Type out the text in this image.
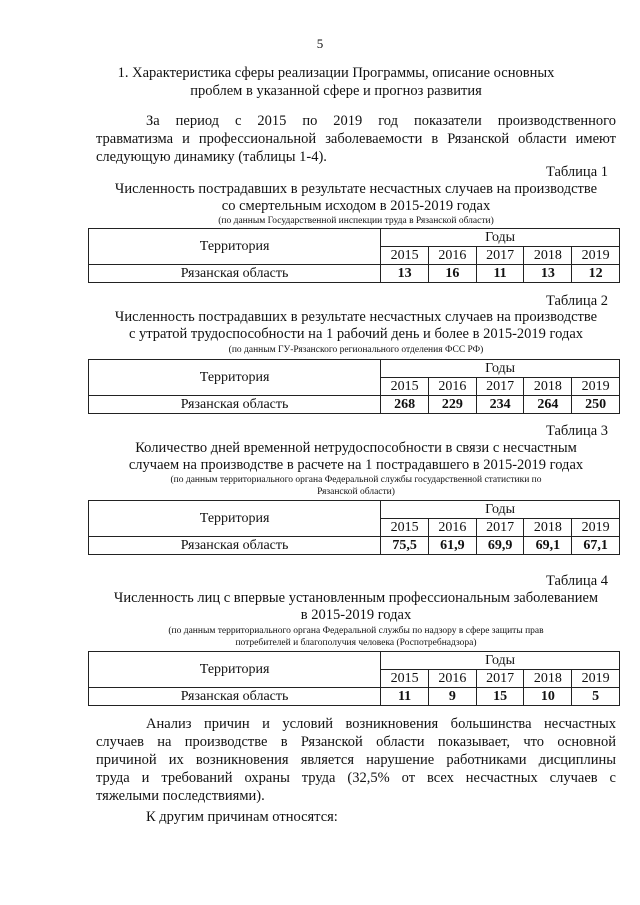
5
1. Характеристика сферы реализации Программы, описание основных
проблем в указанной сфере и прогноз развития
За период с 2015 по 2019 год показатели производственного
травматизма и профессиональной заболеваемости в Рязанской области имеют
следующую динамику (таблицы 1-4).
Таблица 1
Численность пострадавших в результате несчастных случаев на производстве
со смертельным исходом в 2015-2019 годах
(по данным Государственной инспекции труда в Рязанской области)
Территория	Годы				
	2015	2016	2017	2018	2019
Рязанская область	13	16	11	13	12
Таблица 2
Численность пострадавших в результате несчастных случаев на производстве
с утратой трудоспособности на 1 рабочий день и более в 2015-2019 годах
(по данным ГУ-Рязанского регионального отделения ФСС РФ)
Территория	Годы				
	2015	2016	2017	2018	2019
Рязанская область	268	229	234	264	250
Таблица 3
Количество дней временной нетрудоспособности в связи с несчастным
случаем на производстве в расчете на 1 пострадавшего в 2015-2019 годах
(по данным территориального органа Федеральной службы государственной статистики по
Рязанской области)
Территория	Годы				
	2015	2016	2017	2018	2019
Рязанская область	75,5	61,9	69,9	69,1	67,1
Таблица 4
Численность лиц с впервые установленным профессиональным заболеванием
в 2015-2019 годах
(по данным территориального органа Федеральной службы по надзору в сфере защиты прав
потребителей и благополучия человека (Роспотребнадзора)
Территория	Годы				
	2015	2016	2017	2018	2019
Рязанская область	11	9	15	10	5
Анализ причин и условий возникновения большинства несчастных
случаев на производстве в Рязанской области показывает, что основной
причиной их возникновения является нарушение работниками дисциплины
труда и требований охраны труда (32,5% от всех несчастных случаев с
тяжелыми последствиями).
К другим причинам относятся:
